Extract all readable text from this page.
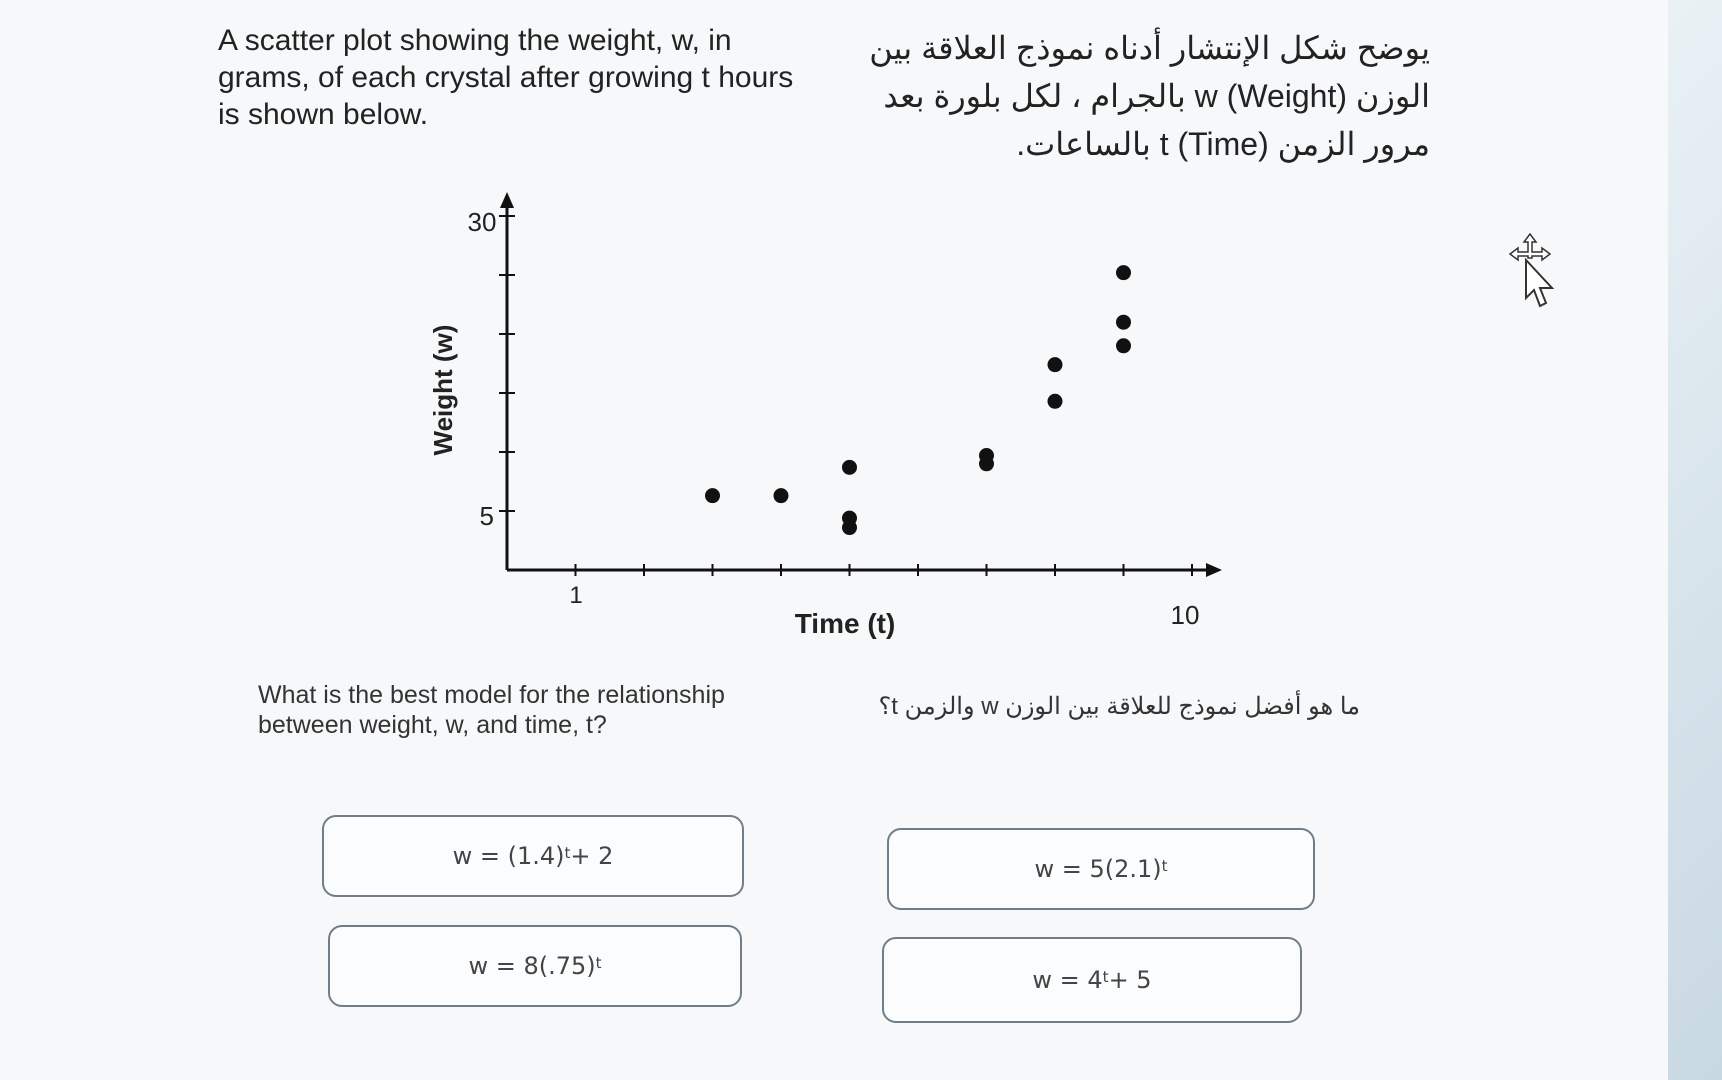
A scatter plot showing the weight, w, in grams, of each crystal after growing t hours is shown below.
يوضح شكل الإنتشار أدناه نموذج العلاقة بين الوزن w (Weight) بالجرام ، لكل بلورة بعد مرور الزمن t (Time) بالساعات.
Time (t)
Weight (w)
1
10
5
30
What is the best model for the relationship between weight, w, and time, t?
ما هو أفضل نموذج للعلاقة بين الوزن w والزمن t؟
$w = (1.4)^t + 2$	$w = 5(2.1)^t$
$w = 8(.75)^t$
$w = 4^t + 5$
